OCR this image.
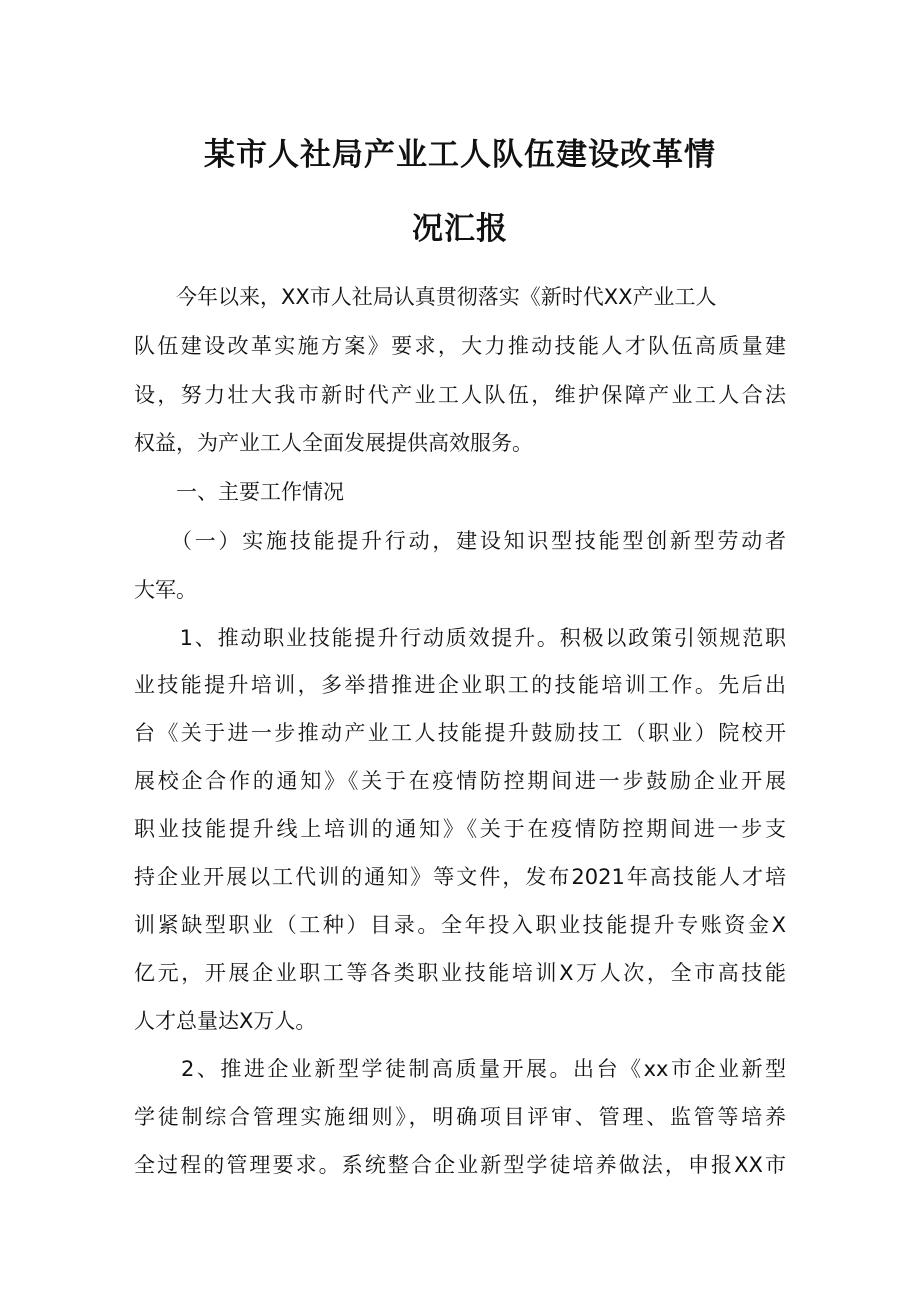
某市人社局产业工人队伍建设改革情
况汇报
　　今年以来，XX市人社局认真贯彻落实《新时代XX产业工人
队伍建设改革实施方案》要求，大力推动技能人才队伍高质量建
设，努力壮大我市新时代产业工人队伍，维护保障产业工人合法
权益，为产业工人全面发展提供高效服务。
　　一、主要工作情况
　　（一）实施技能提升行动，建设知识型技能型创新型劳动者
大军。
　　1、推动职业技能提升行动质效提升。积极以政策引领规范职
业技能提升培训，多举措推进企业职工的技能培训工作。先后出
台《关于进一步推动产业工人技能提升鼓励技工（职业）院校开
展校企合作的通知》《关于在疫情防控期间进一步鼓励企业开展
职业技能提升线上培训的通知》《关于在疫情防控期间进一步支
持企业开展以工代训的通知》等文件，发布2021年高技能人才培
训紧缺型职业（工种）目录。全年投入职业技能提升专账资金X
亿元，开展企业职工等各类职业技能培训X万人次，全市高技能
人才总量达X万人。
　　2、推进企业新型学徒制高质量开展。出台《xx市企业新型
学徒制综合管理实施细则》，明确项目评审、管理、监管等培养
全过程的管理要求。系统整合企业新型学徒培养做法，申报XX市
